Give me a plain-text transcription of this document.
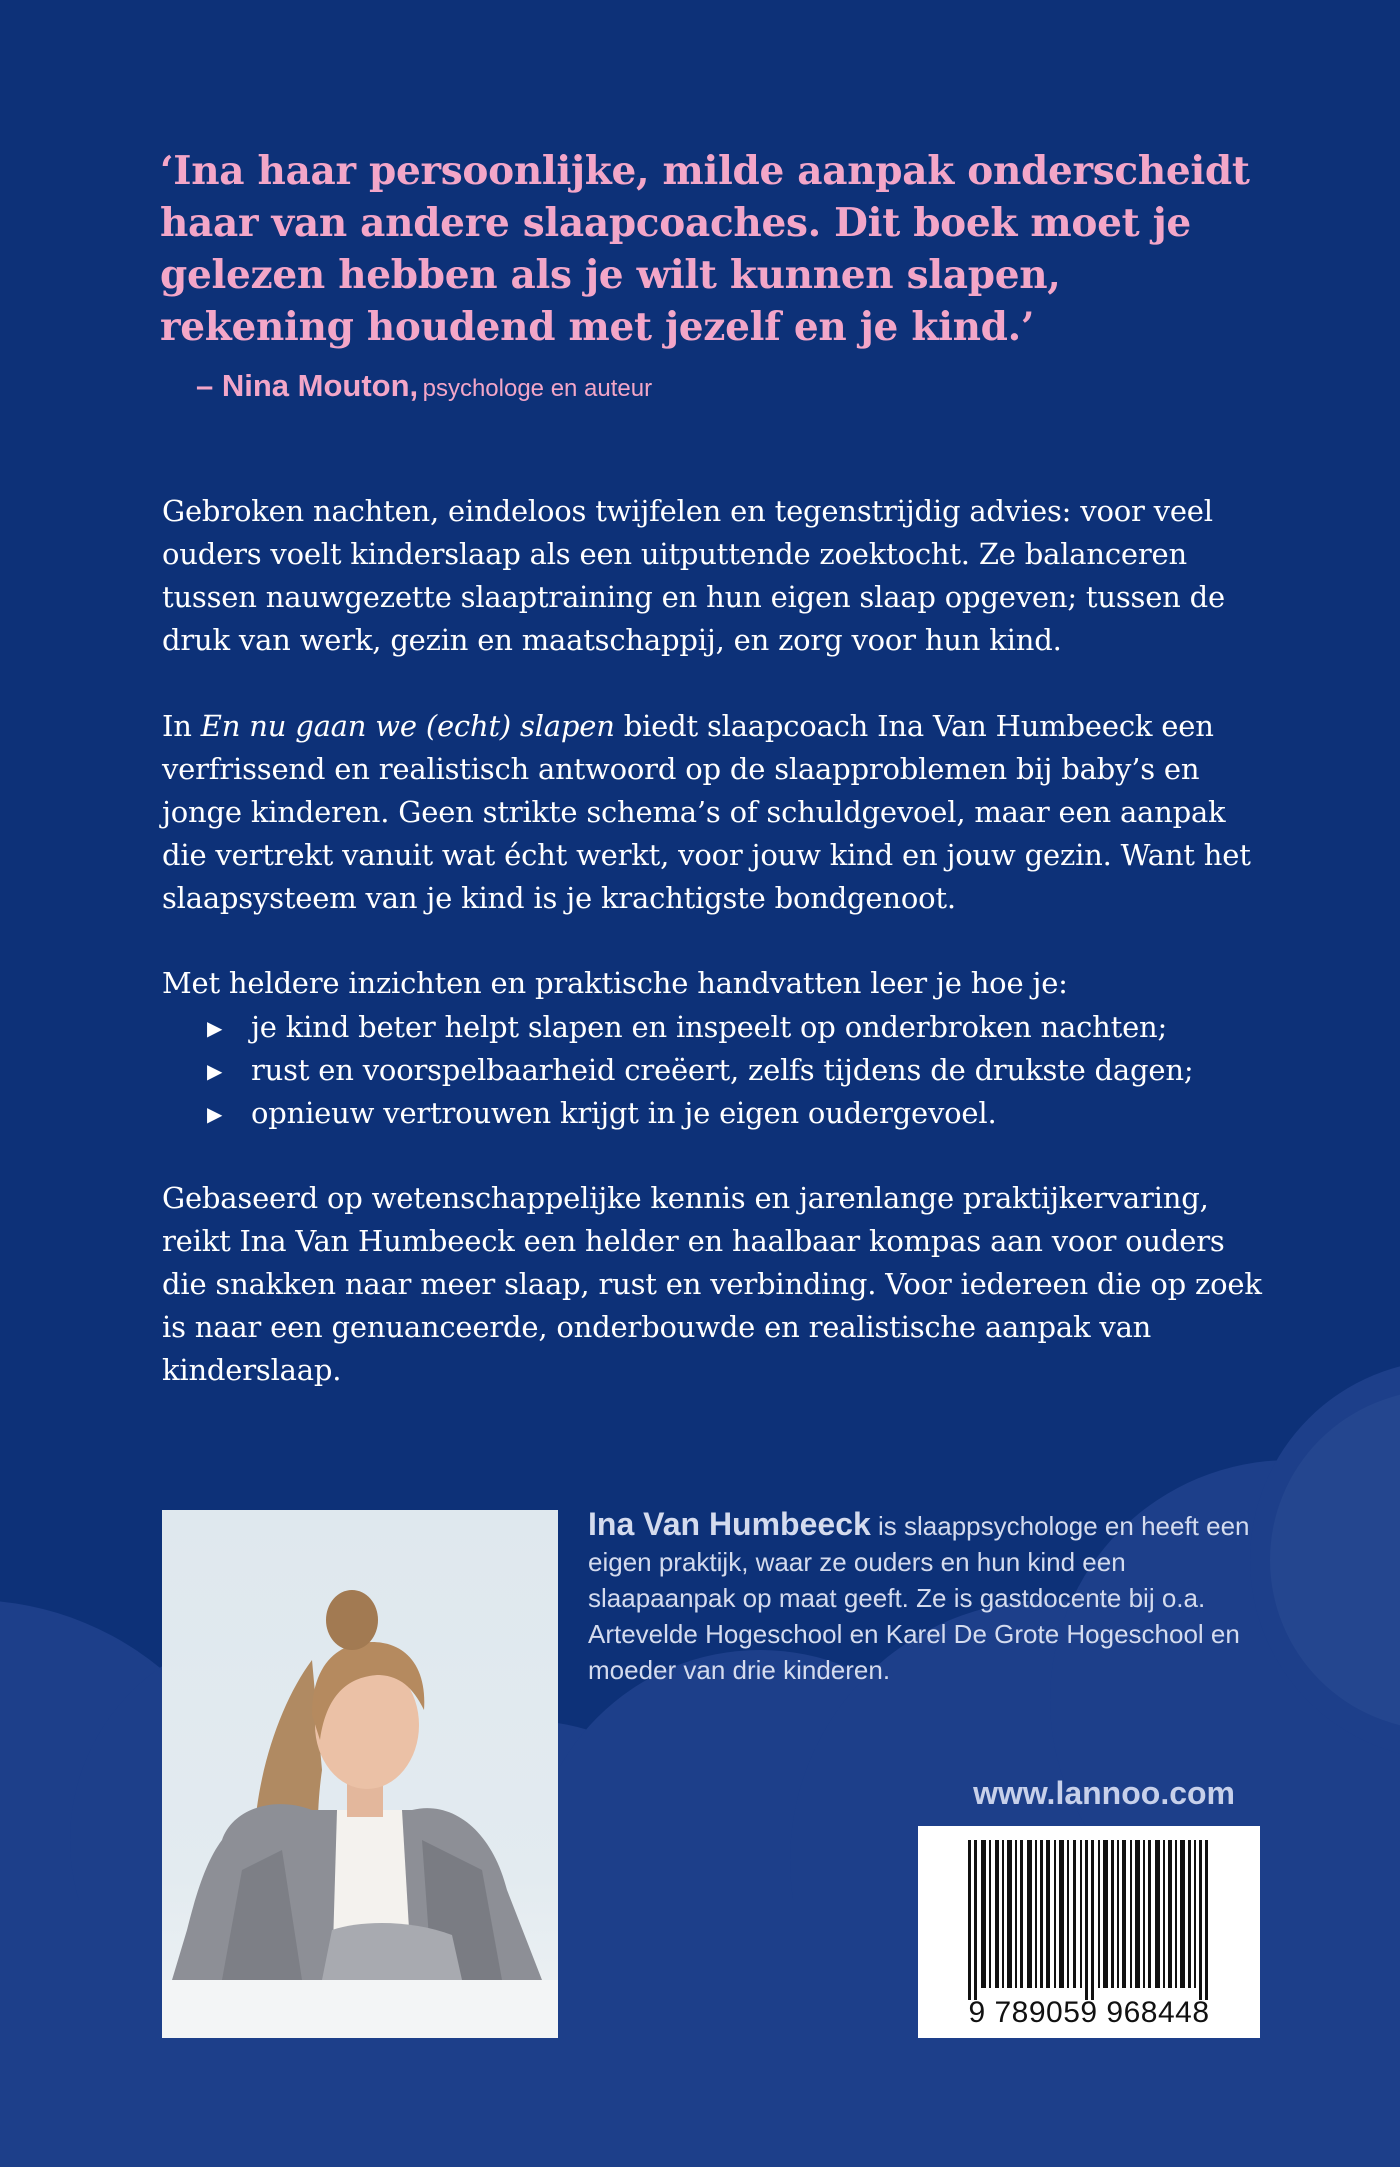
‘Ina haar persoonlijke, milde aanpak onderscheidt haar van andere slaapcoaches. Dit boek moet je gelezen hebben als je wilt kunnen slapen, rekening houdend met jezelf en je kind.’

– Nina Mouton, psychologe en auteur

Gebroken nachten, eindeloos twijfelen en tegenstrijdig advies: voor veel ouders voelt kinderslaap als een uitputtende zoektocht. Ze balanceren tussen nauwgezette slaaptraining en hun eigen slaap opgeven; tussen de druk van werk, gezin en maatschappij, en zorg voor hun kind.

In En nu gaan we (echt) slapen biedt slaapcoach Ina Van Humbeeck een verfrissend en realistisch antwoord op de slaapproblemen bij baby’s en jonge kinderen. Geen strikte schema’s of schuldgevoel, maar een aanpak die vertrekt vanuit wat écht werkt, voor jouw kind en jouw gezin. Want het slaapsysteem van je kind is je krachtigste bondgenoot.

Met heldere inzichten en praktische handvatten leer je hoe je:

▶ je kind beter helpt slapen en inspeelt op onderbroken nachten;
▶ rust en voorspelbaarheid creëert, zelfs tijdens de drukste dagen;
▶ opnieuw vertrouwen krijgt in je eigen oudergevoel.

Gebaseerd op wetenschappelijke kennis en jarenlange praktijkervaring, reikt Ina Van Humbeeck een helder en haalbaar kompas aan voor ouders die snakken naar meer slaap, rust en verbinding. Voor iedereen die op zoek is naar een genuanceerde, onderbouwde en realistische aanpak van kinderslaap.

Ina Van Humbeeck is slaappsychologe en heeft een eigen praktijk, waar ze ouders en hun kind een slaapaanpak op maat geeft. Ze is gastdocente bij o.a. Artevelde Hogeschool en Karel De Grote Hogeschool en moeder van drie kinderen.

www.lannoo.com

9 789059 968448
